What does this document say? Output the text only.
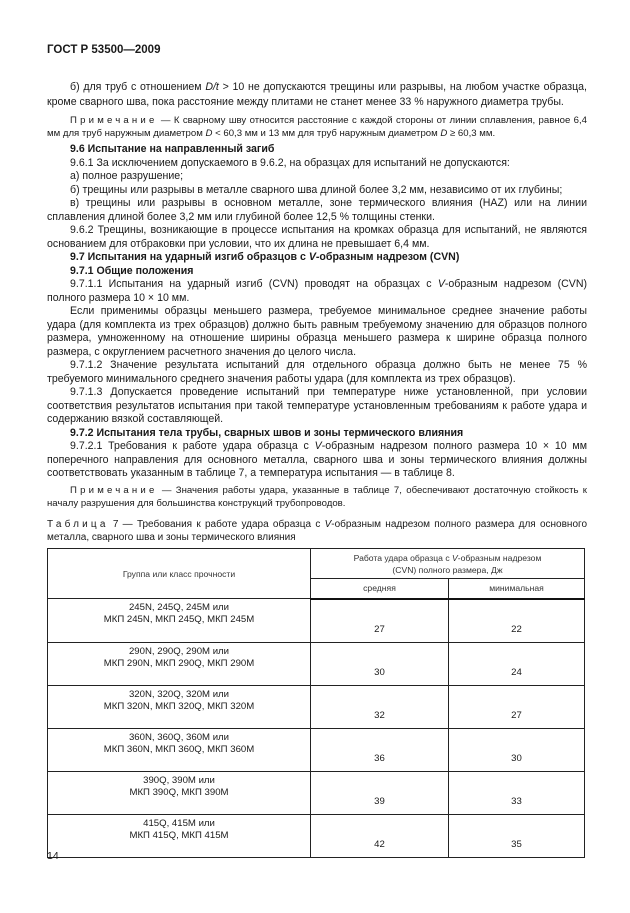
ГОСТ Р 53500—2009

б) для труб с отношением D/t > 10 не допускаются трещины или разрывы, на любом участке образца, кроме сварного шва, пока расстояние между плитами не станет менее 33 % наружного диаметра трубы.

Примечание — К сварному шву относится расстояние с каждой стороны от линии сплавления, равное 6,4 мм для труб наружным диаметром D < 60,3 мм и 13 мм для труб наружным диаметром D ≥ 60,3 мм.

9.6 Испытание на направленный загиб

9.6.1 За исключением допускаемого в 9.6.2, на образцах для испытаний не допускаются:

а) полное разрушение;

б) трещины или разрывы в металле сварного шва длиной более 3,2 мм, независимо от их глубины;

в) трещины или разрывы в основном металле, зоне термического влияния (HAZ) или на линии сплавления длиной более 3,2 мм или глубиной более 12,5 % толщины стенки.

9.6.2 Трещины, возникающие в процессе испытания на кромках образца для испытаний, не являются основанием для отбраковки при условии, что их длина не превышает 6,4 мм.

9.7 Испытания на ударный изгиб образцов с V-образным надрезом (CVN)

9.7.1 Общие положения

9.7.1.1 Испытания на ударный изгиб (CVN) проводят на образцах с V-образным надрезом (CVN) полного размера 10 × 10 мм.

Если применимы образцы меньшего размера, требуемое минимальное среднее значение работы удара (для комплекта из трех образцов) должно быть равным требуемому значению для образцов полного размера, умноженному на отношение ширины образца меньшего размера к ширине образца полного размера, с округлением расчетного значения до целого числа.

9.7.1.2 Значение результата испытаний для отдельного образца должно быть не менее 75 % требуемого минимального среднего значения работы удара (для комплекта из трех образцов).

9.7.1.3 Допускается проведение испытаний при температуре ниже установленной, при условии соответствия результатов испытания при такой температуре установленным требованиям к работе удара и содержанию вязкой составляющей.

9.7.2 Испытания тела трубы, сварных швов и зоны термического влияния

9.7.2.1 Требования к работе удара образца с V-образным надрезом полного размера 10 × 10 мм поперечного направления для основного металла, сварного шва и зоны термического влияния должны соответствовать указанным в таблице 7, а температура испытания — в таблице 8.

Примечание — Значения работы удара, указанные в таблице 7, обеспечивают достаточную стойкость к началу разрушения для большинства конструкций трубопроводов.

Таблица 7 — Требования к работе удара образца с V-образным надрезом полного размера для основного металла, сварного шва и зоны термического влияния

Группа или класс прочности	Работа удара образца с V-образным надрезом (CVN) полного размера, Дж	
	средняя	минимальная

245N, 245Q, 245M или
МКП 245N, МКП 245Q, МКП 245M	27	22

290N, 290Q, 290M или
МКП 290N, МКП 290Q, МКП 290M	30	24

320N, 320Q, 320M или
МКП 320N, МКП 320Q, МКП 320M	32	27

360N, 360Q, 360M или
МКП 360N, МКП 360Q, МКП 360M	36	30

390Q, 390M или
МКП 390Q, МКП 390M	39	33

415Q, 415M или
МКП 415Q, МКП 415M	42	35
14
